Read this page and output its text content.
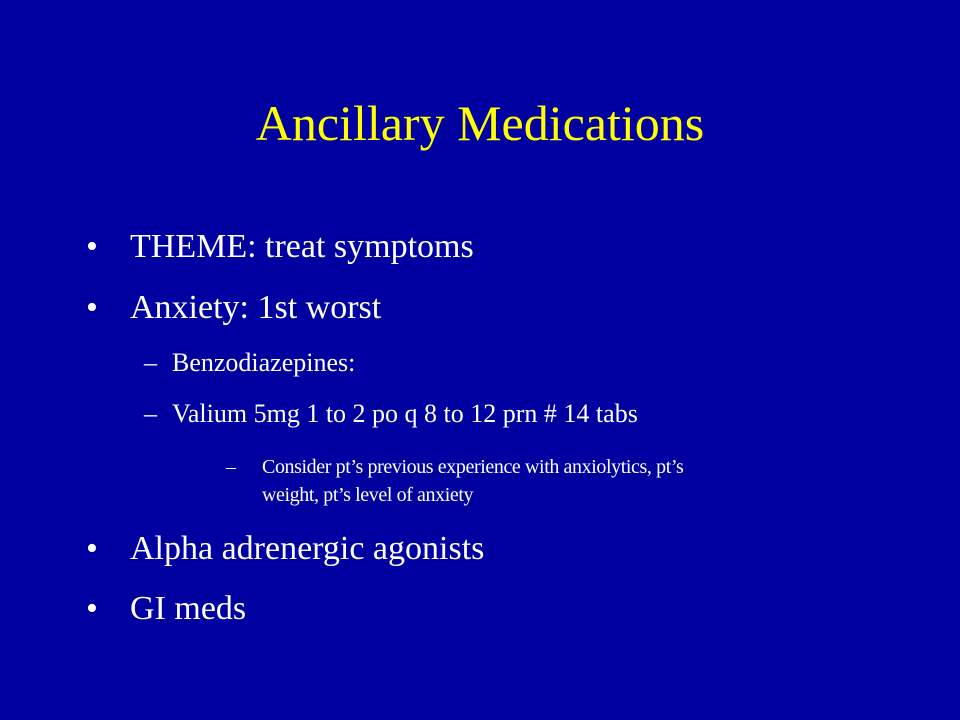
Ancillary Medications
• THEME: treat symptoms
• Anxiety: 1st worst
– Benzodiazepines:
– Valium 5mg 1 to 2 po q 8 to 12 prn # 14 tabs
– Consider pt’s previous experience with anxiolytics, pt’s
weight, pt’s level of anxiety
• Alpha adrenergic agonists
• GI meds
